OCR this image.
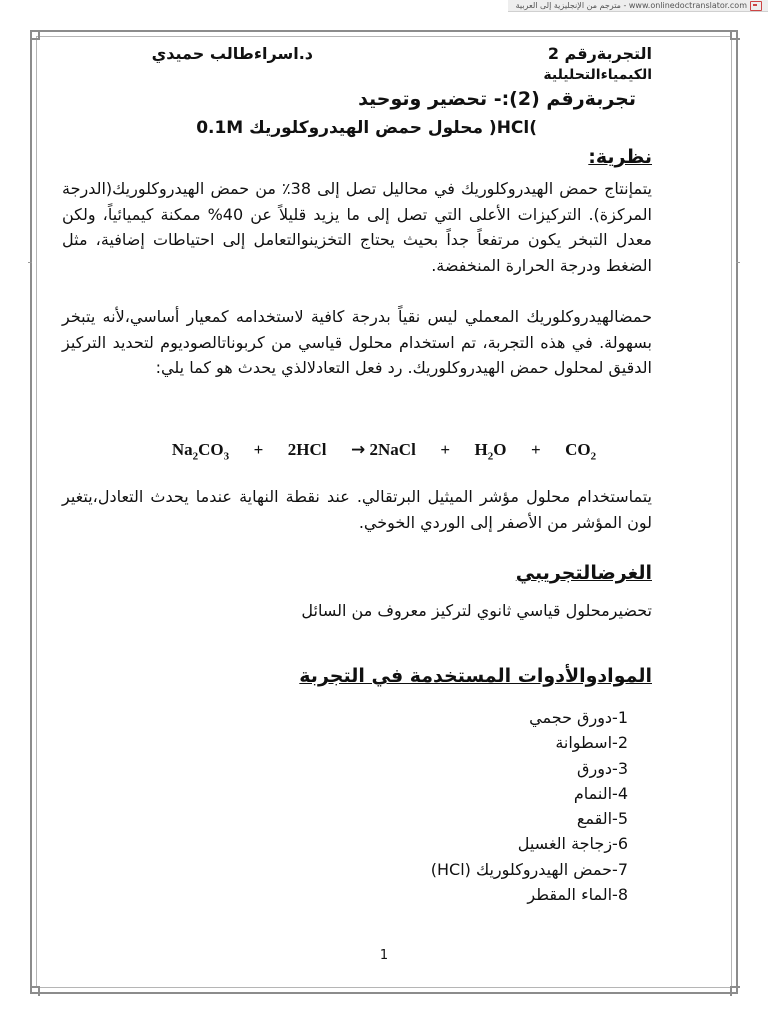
www.onlinedoctranslator.com - مترجم من الإنجليزية إلى العربية
التجربةرقم 2
د.اسراءطالب حميدي
الكيمياءالتحليلية
تجربةرقم (2):- تحضير وتوحيد
)HCl( محلول حمض الهيدروكلوريك 0.1M
نظرية:

يتمإنتاج حمض الهيدروكلوريك في محاليل تصل إلى 38٪ من حمض الهيدروكلوريك(الدرجة المركزة). التركيزات الأعلى التي تصل إلى ما يزيد قليلاً عن 40% ممكنة كيميائياً، ولكن معدل التبخر يكون مرتفعاً جداً بحيث يحتاج التخزينوالتعامل إلى احتياطات إضافية، مثل الضغط ودرجة الحرارة المنخفضة.

حمضالهيدروكلوريك المعملي ليس نقياً بدرجة كافية لاستخدامه كمعيار أساسي،لأنه يتبخر بسهولة. في هذه التجربة، تم استخدام محلول قياسي من كربوناتالصوديوم لتحديد التركيز الدقيق لمحلول حمض الهيدروكلوريك. رد فعل التعادلالذي يحدث هو كما يلي:

$Na_2CO_3 + 2HCl$ → 2NaCl + $H_2O + CO_2$

يتماستخدام محلول مؤشر الميثيل البرتقالي. عند نقطة النهاية عندما يحدث التعادل،يتغير لون المؤشر من الأصفر إلى الوردي الخوخي.

الغرضالتجريبي
تحضيرمحلول قياسي ثانوي لتركيز معروف من السائل
الموادوالأدوات المستخدمة في التجربة
1-دورق حجمي
2-اسطوانة
3-دورق
4-النمام
5-القمع
6-زجاجة الغسيل
7-حمض الهيدروكلوريك (HCl)
8-الماء المقطر
1
